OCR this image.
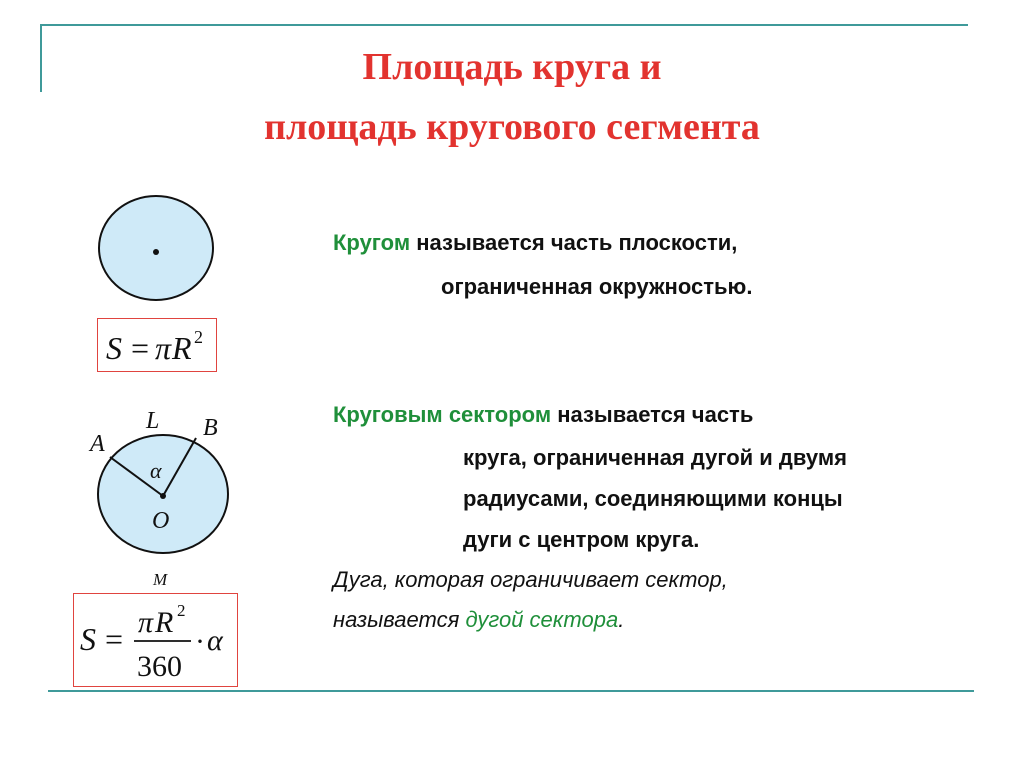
Площадь круга и
площадь кругового сегмента
S = π R 2
A
L B
α
O
M
S = π R 2
360
· α
Кругом называется часть плоскости,
ограниченная окружностью.
Круговым сектором называется часть
круга, ограниченная дугой и двумя
радиусами, соединяющими концы
дуги с центром круга.
Дуга, которая ограничивает сектор,
называется дугой сектора.
